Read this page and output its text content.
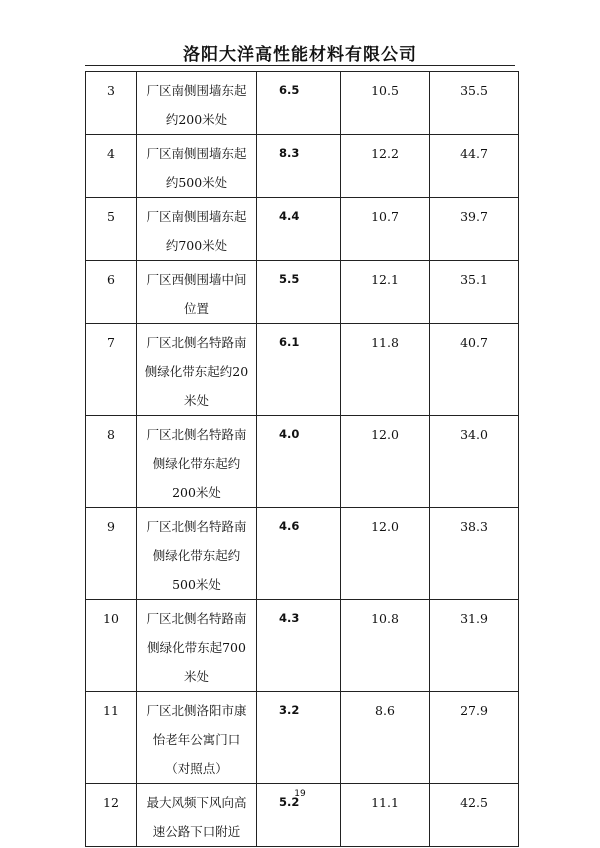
洛阳大洋高性能材料有限公司
3	厂区南侧围墙东起约200米处	6.5	10.5	35.5

4	厂区南侧围墙东起约500米处	8.3	12.2	44.7

5	厂区南侧围墙东起约700米处	4.4	10.7	39.7

6	厂区西侧围墙中间位置	5.5	12.1	35.1

7	厂区北侧名特路南侧绿化带东起约20米处	6.1	11.8	40.7

8	厂区北侧名特路南侧绿化带东起约200米处	4.0	12.0	34.0

9	厂区北侧名特路南侧绿化带东起约500米处	4.6	12.0	38.3

10	厂区北侧名特路南侧绿化带东起700米处	4.3	10.8	31.9

11	厂区北侧洛阳市康怡老年公寓门口（对照点）	3.2	8.6	27.9

12	最大风频下风向高速公路下口附近	5.2	11.1	42.5
19
